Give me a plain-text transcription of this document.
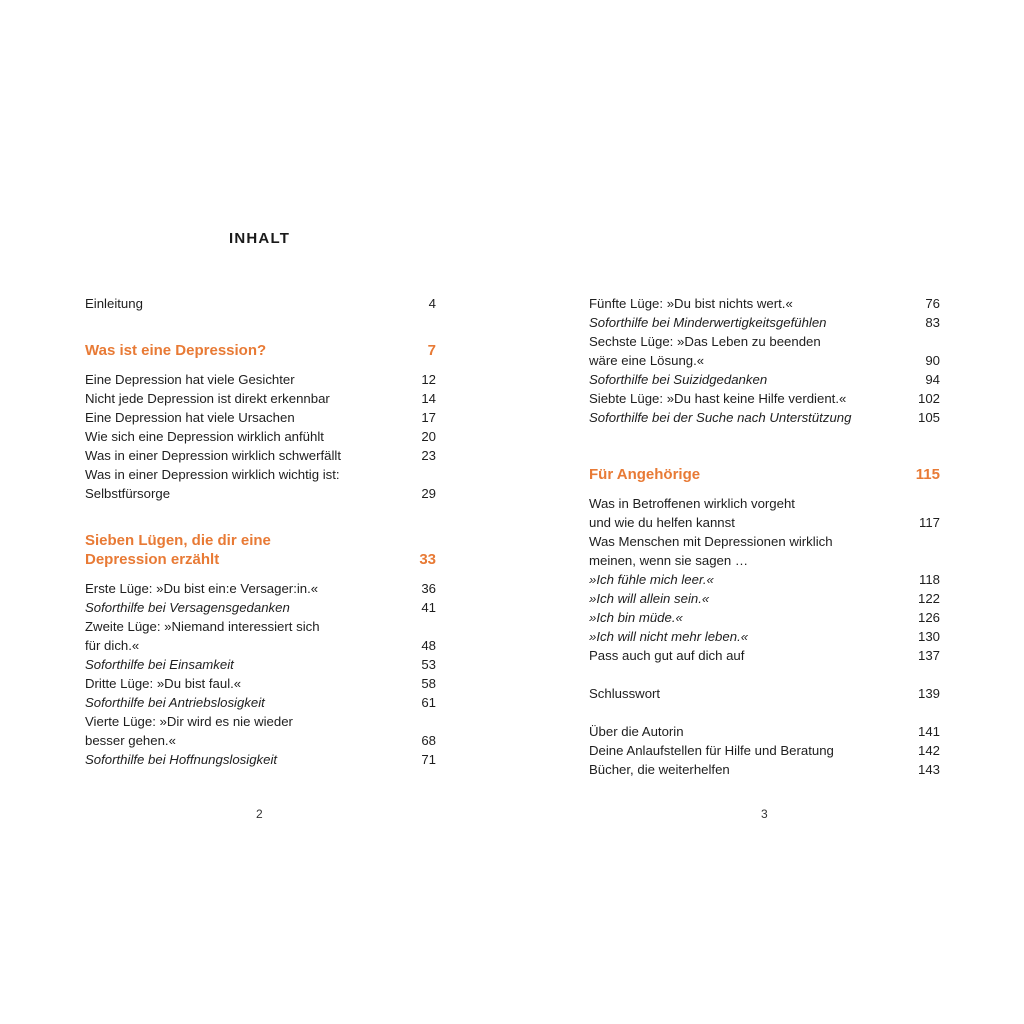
INHALT
Einleitung	4
Was ist eine Depression?	7
Eine Depression hat viele Gesichter	12
Nicht jede Depression ist direkt erkennbar	14
Eine Depression hat viele Ursachen	17
Wie sich eine Depression wirklich anfühlt	20
Was in einer Depression wirklich schwerfällt	23
Was in einer Depression wirklich wichtig ist:
Selbstfürsorge	29
Sieben Lügen, die dir eine
Depression erzählt	33
Erste Lüge: »Du bist ein:e Versager:in.«	36
Soforthilfe bei Versagensgedanken	41
Zweite Lüge: »Niemand interessiert sich
für dich.«	48
Soforthilfe bei Einsamkeit	53
Dritte Lüge: »Du bist faul.«	58
Soforthilfe bei Antriebslosigkeit	61
Vierte Lüge: »Dir wird es nie wieder
besser gehen.«	68
Soforthilfe bei Hoffnungslosigkeit	71
2
Fünfte Lüge: »Du bist nichts wert.«	76
Soforthilfe bei Minderwertigkeitsgefühlen	83
Sechste Lüge: »Das Leben zu beenden
wäre eine Lösung.«	90
Soforthilfe bei Suizidgedanken	94
Siebte Lüge: »Du hast keine Hilfe verdient.«	102
Soforthilfe bei der Suche nach Unterstützung	105
Für Angehörige	115
Was in Betroffenen wirklich vorgeht
und wie du helfen kannst	117
Was Menschen mit Depressionen wirklich
meinen, wenn sie sagen …
»Ich fühle mich leer.«	118
»Ich will allein sein.«	122
»Ich bin müde.«	126
»Ich will nicht mehr leben.«	130
Pass auch gut auf dich auf	137
Schlusswort	139
Über die Autorin	141
Deine Anlaufstellen für Hilfe und Beratung	142
Bücher, die weiterhelfen	143
3
